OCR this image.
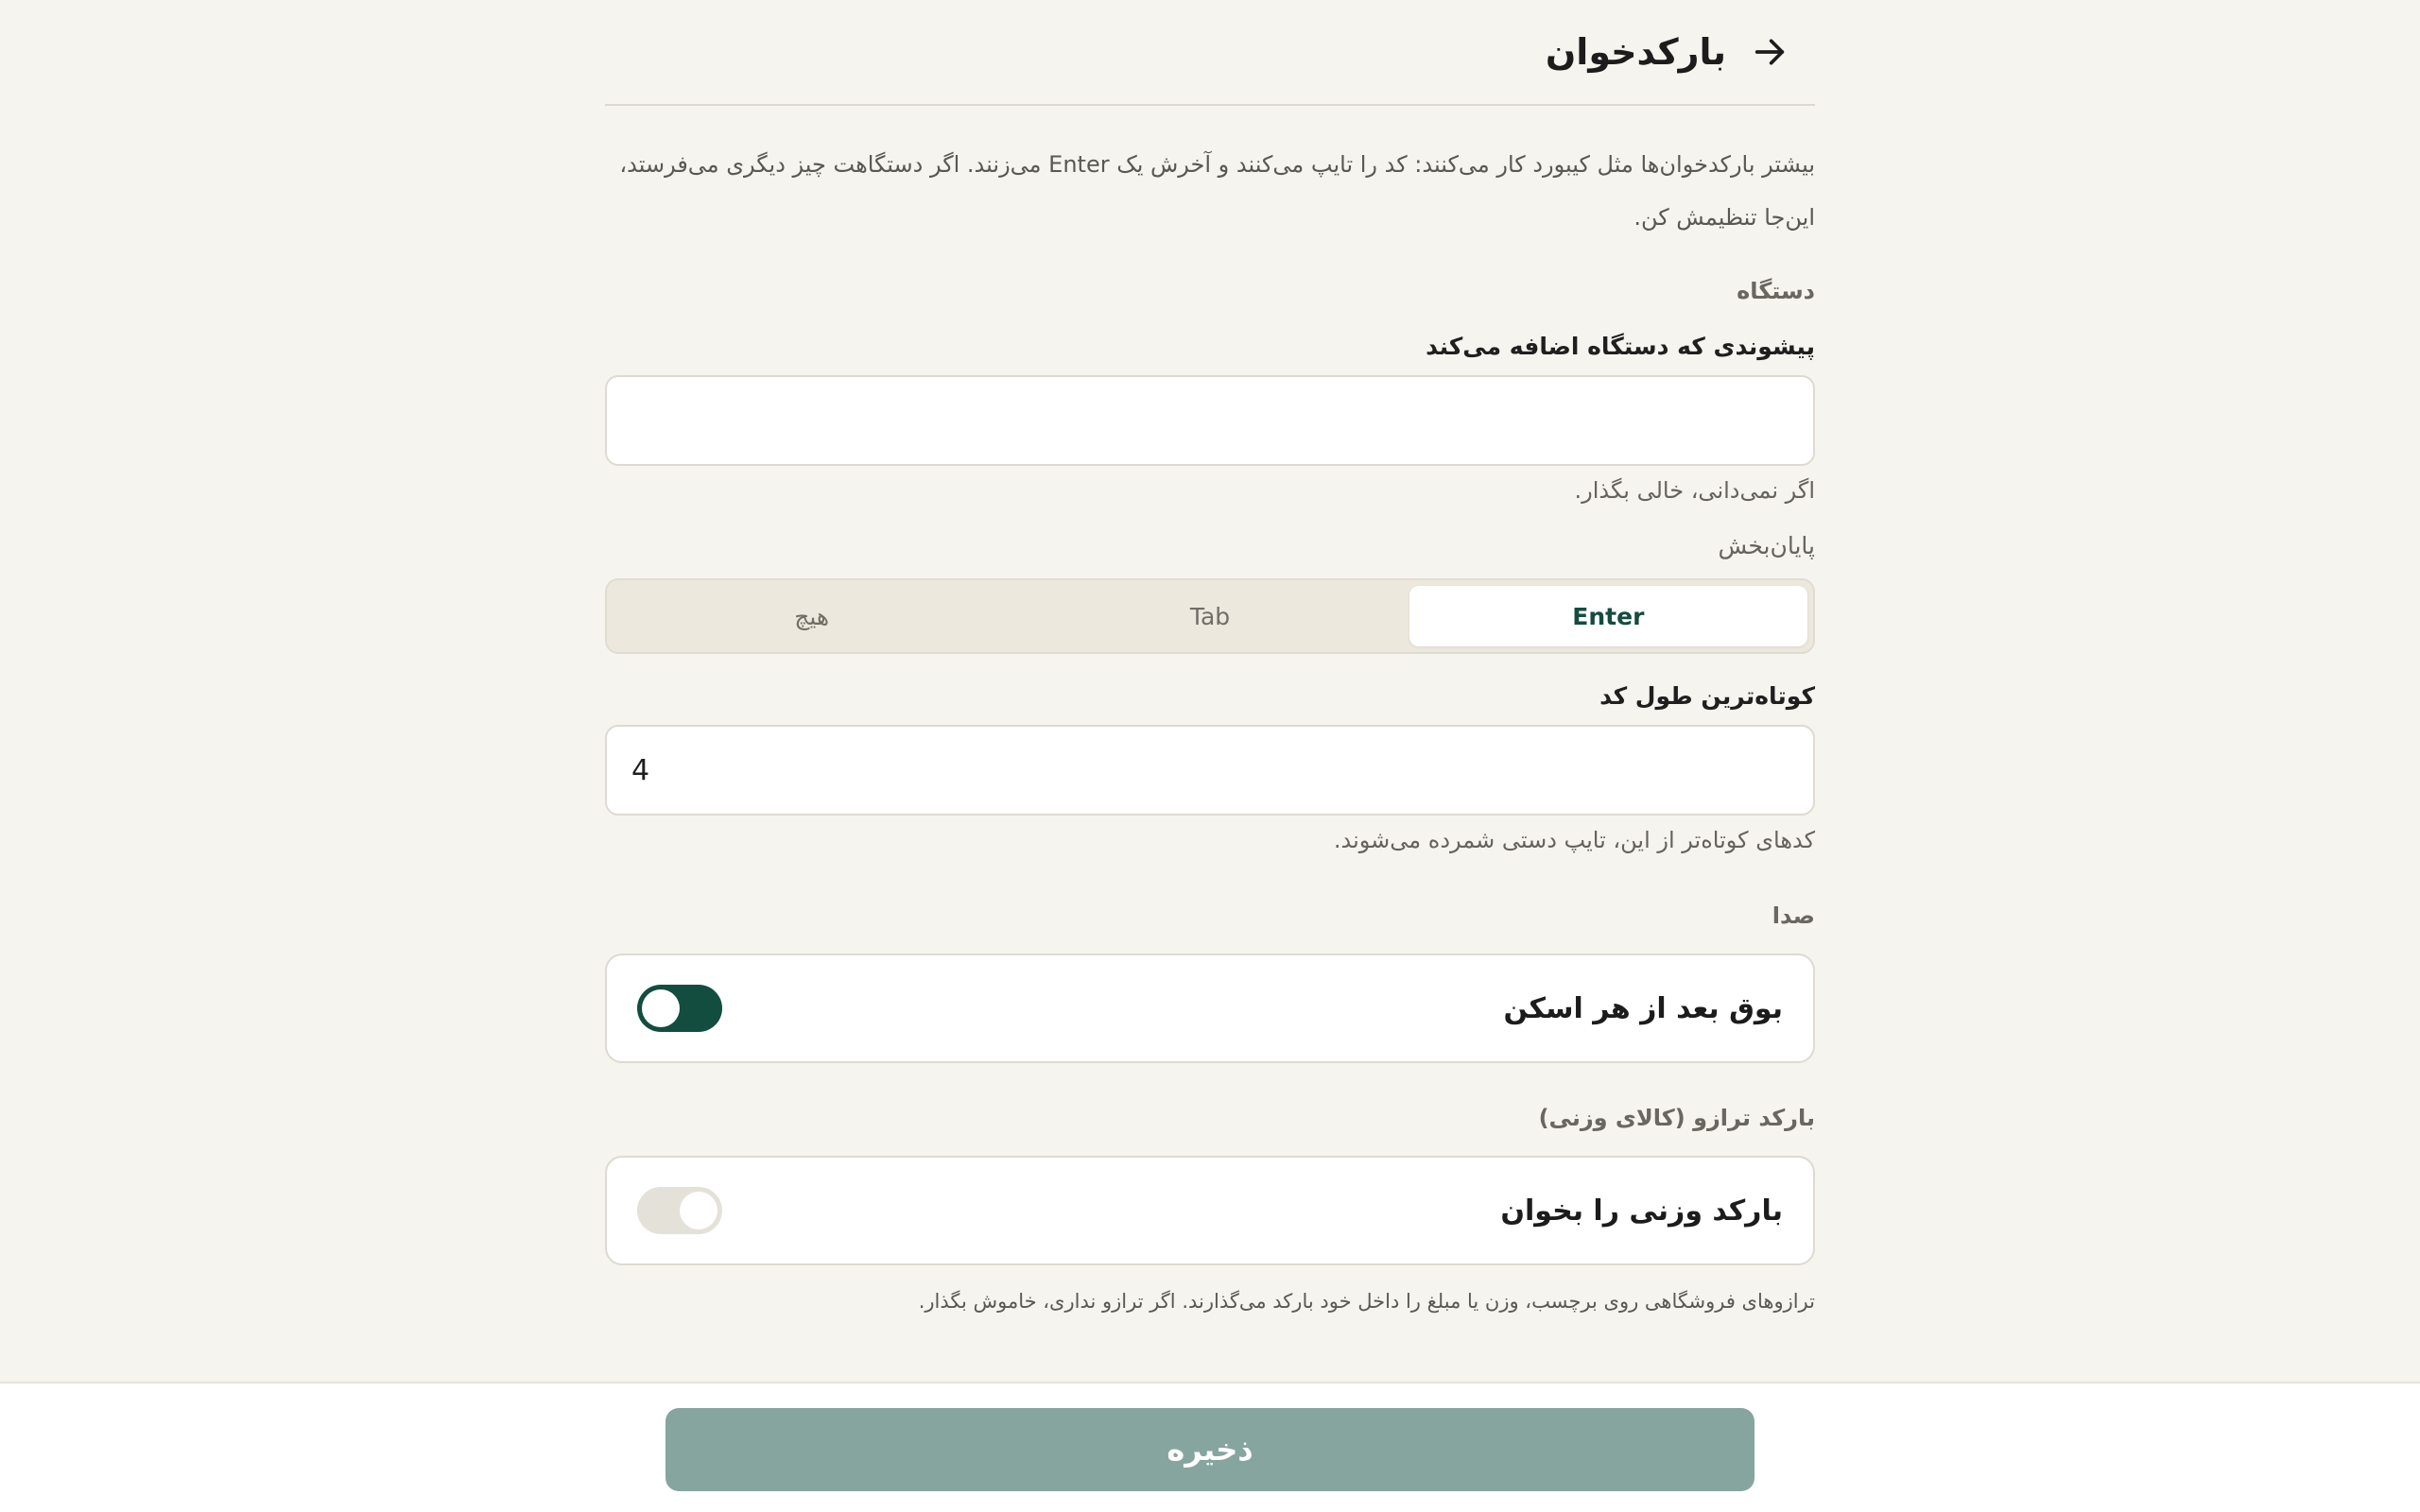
بارکدخوان
بیشتر بارکدخوان‌ها مثل کیبورد کار می‌کنند: کد را تایپ می‌کنند و آخرش یک Enter می‌زنند. اگر دستگاهت چیز دیگری می‌فرستد، این‌جا تنظیمش کن.
دستگاه
پیشوندی که دستگاه اضافه می‌کند
اگر نمی‌دانی، خالی بگذار.
پایان‌بخش
Enter
Tab
هیچ
کوتاه‌ترین طول کد
4
کدهای کوتاه‌تر از این، تایپ دستی شمرده می‌شوند.
صدا
بوق بعد از هر اسکن
بارکد ترازو (کالای وزنی)
بارکد وزنی را بخوان
ترازوهای فروشگاهی روی برچسب، وزن یا مبلغ را داخل خود بارکد می‌گذارند. اگر ترازو نداری، خاموش بگذار.
ذخیره
